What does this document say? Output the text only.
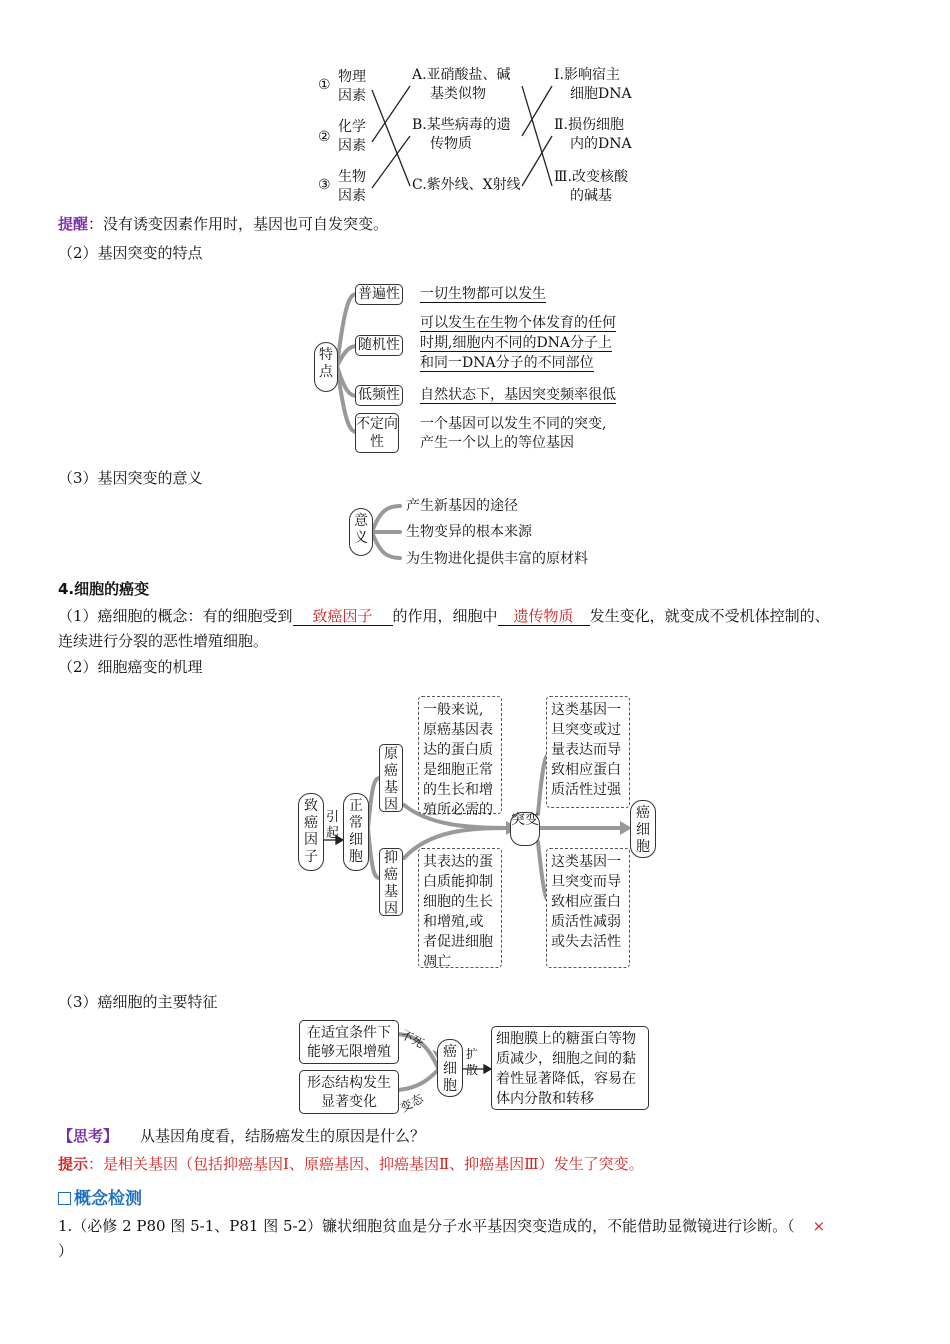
① 物理因素
②
化学因素
③ 生物因素
A.亚硝酸盐、碱
基类似物
B.某些病毒的遗
传物质
C.紫外线、X射线
Ⅰ.影响宿主
细胞DNA
Ⅱ.损伤细胞
内的DNA
Ⅲ.改变核酸
的碱基
提醒：没有诱变因素作用时，基因也可自发突变。
（2）基因突变的特点
特点
普遍性 一切生物都可以发生
随机性
可以发生在生物个体发育的任何
时期,细胞内不同的DNA分子上
和同一DNA分子的不同部位
低频性 自然状态下，基因突变频率很低
不定向性
一个基因可以发生不同的突变,
产生一个以上的等位基因
（3）基因突变的意义
意义
产生新基因的途径
生物变异的根本来源
为生物进化提供丰富的原材料
4.细胞的癌变
（1）癌细胞的概念：有的细胞受到 致癌因子 的作用，细胞中 遗传物质 发生变化，就变成不受机体控制的、
连续进行分裂的恶性增殖细胞。
（2）细胞癌变的机理
致癌因子
引起
正常细胞
原癌基因
抑癌基因
一般来说,原癌基因表达的蛋白质是细胞正常的生长和增殖所必需的
其表达的蛋白质能抑制细胞的生长和增殖,或者促进细胞凋亡
突变
这类基因一旦突变或过量表达而导致相应蛋白质活性过强
这类基因一旦突变而导致相应蛋白质活性减弱或失去活性
癌细胞
（3）癌细胞的主要特征
在适宜条件下能够无限增殖
不死
形态结构发生显著变化	变态
癌细胞
扩散
细胞膜上的糖蛋白等物质减少，细胞之间的黏着性显著降低，容易在体内分散和转移
【思考】 从基因角度看，结肠癌发生的原因是什么？
提示：是相关基因（包括抑癌基因Ⅰ、原癌基因、抑癌基因Ⅱ、抑癌基因Ⅲ）发生了突变。
概念检测
1.（必修 2 P80 图 5-1、P81 图 5-2）镰状细胞贫血是分子水平基因突变造成的，不能借助显微镜进行诊断。（ ×
）
